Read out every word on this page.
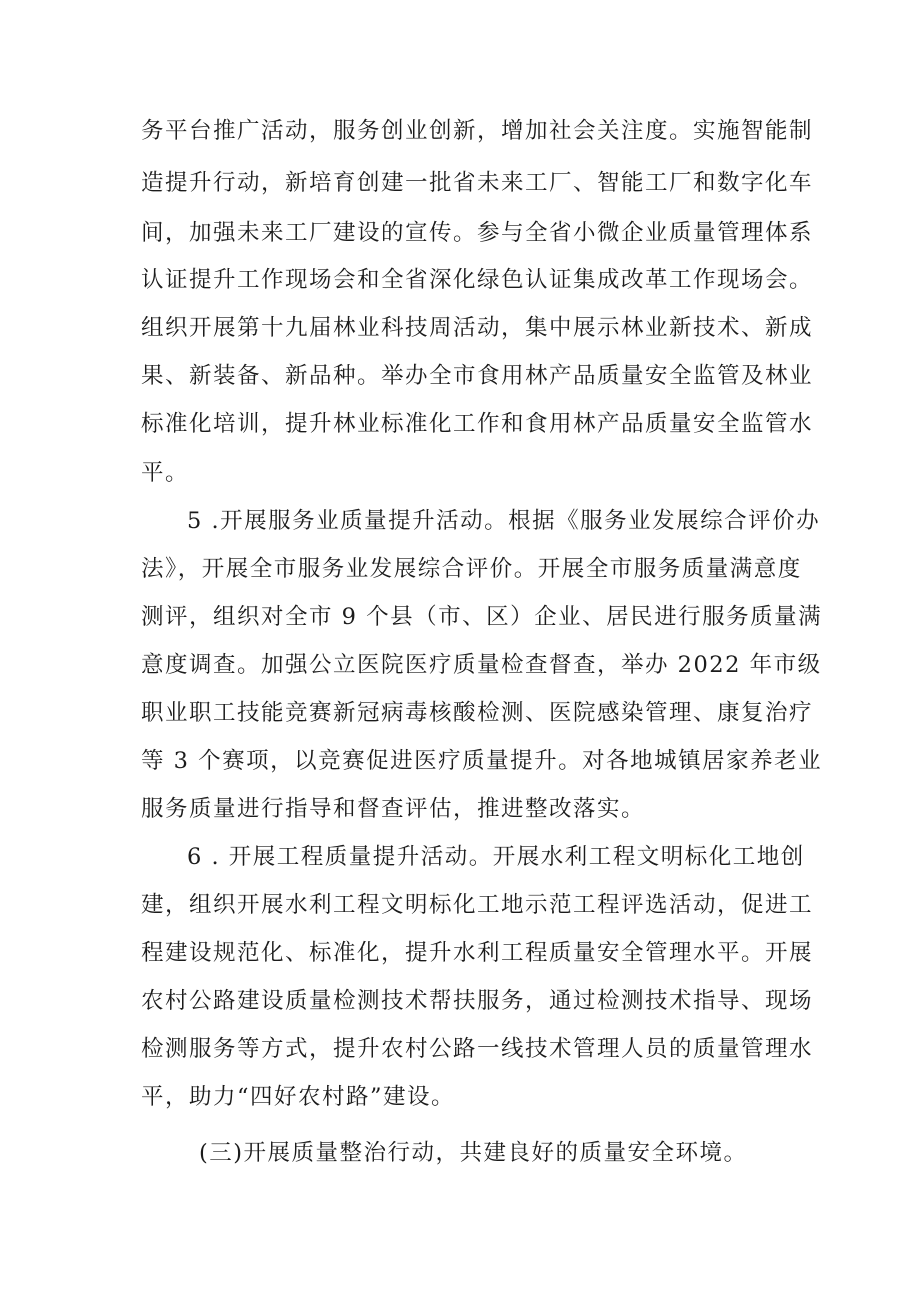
务平台推广活动，服务创业创新，增加社会关注度。实施智能制
造提升行动，新培育创建一批省未来工厂、智能工厂和数字化车
间，加强未来工厂建设的宣传。参与全省小微企业质量管理体系
认证提升工作现场会和全省深化绿色认证集成改革工作现场会。
组织开展第十九届林业科技周活动，集中展示林业新技术、新成
果、新装备、新品种。举办全市食用林产品质量安全监管及林业
标准化培训，提升林业标准化工作和食用林产品质量安全监管水
平。
5 .开展服务业质量提升活动。根据《服务业发展综合评价办
法》，开展全市服务业发展综合评价。开展全市服务质量满意度
测评，组织对全市 9 个县（市、区）企业、居民进行服务质量满
意度调查。加强公立医院医疗质量检查督查，举办 2022 年市级
职业职工技能竞赛新冠病毒核酸检测、医院感染管理、康复治疗
等 3 个赛项，以竞赛促进医疗质量提升。对各地城镇居家养老业
服务质量进行指导和督查评估，推进整改落实。
6 . 开展工程质量提升活动。开展水利工程文明标化工地创
建，组织开展水利工程文明标化工地示范工程评选活动，促进工
程建设规范化、标准化，提升水利工程质量安全管理水平。开展
农村公路建设质量检测技术帮扶服务，通过检测技术指导、现场
检测服务等方式，提升农村公路一线技术管理人员的质量管理水
平，助力“四好农村路”建设。
(三)开展质量整治行动，共建良好的质量安全环境。
